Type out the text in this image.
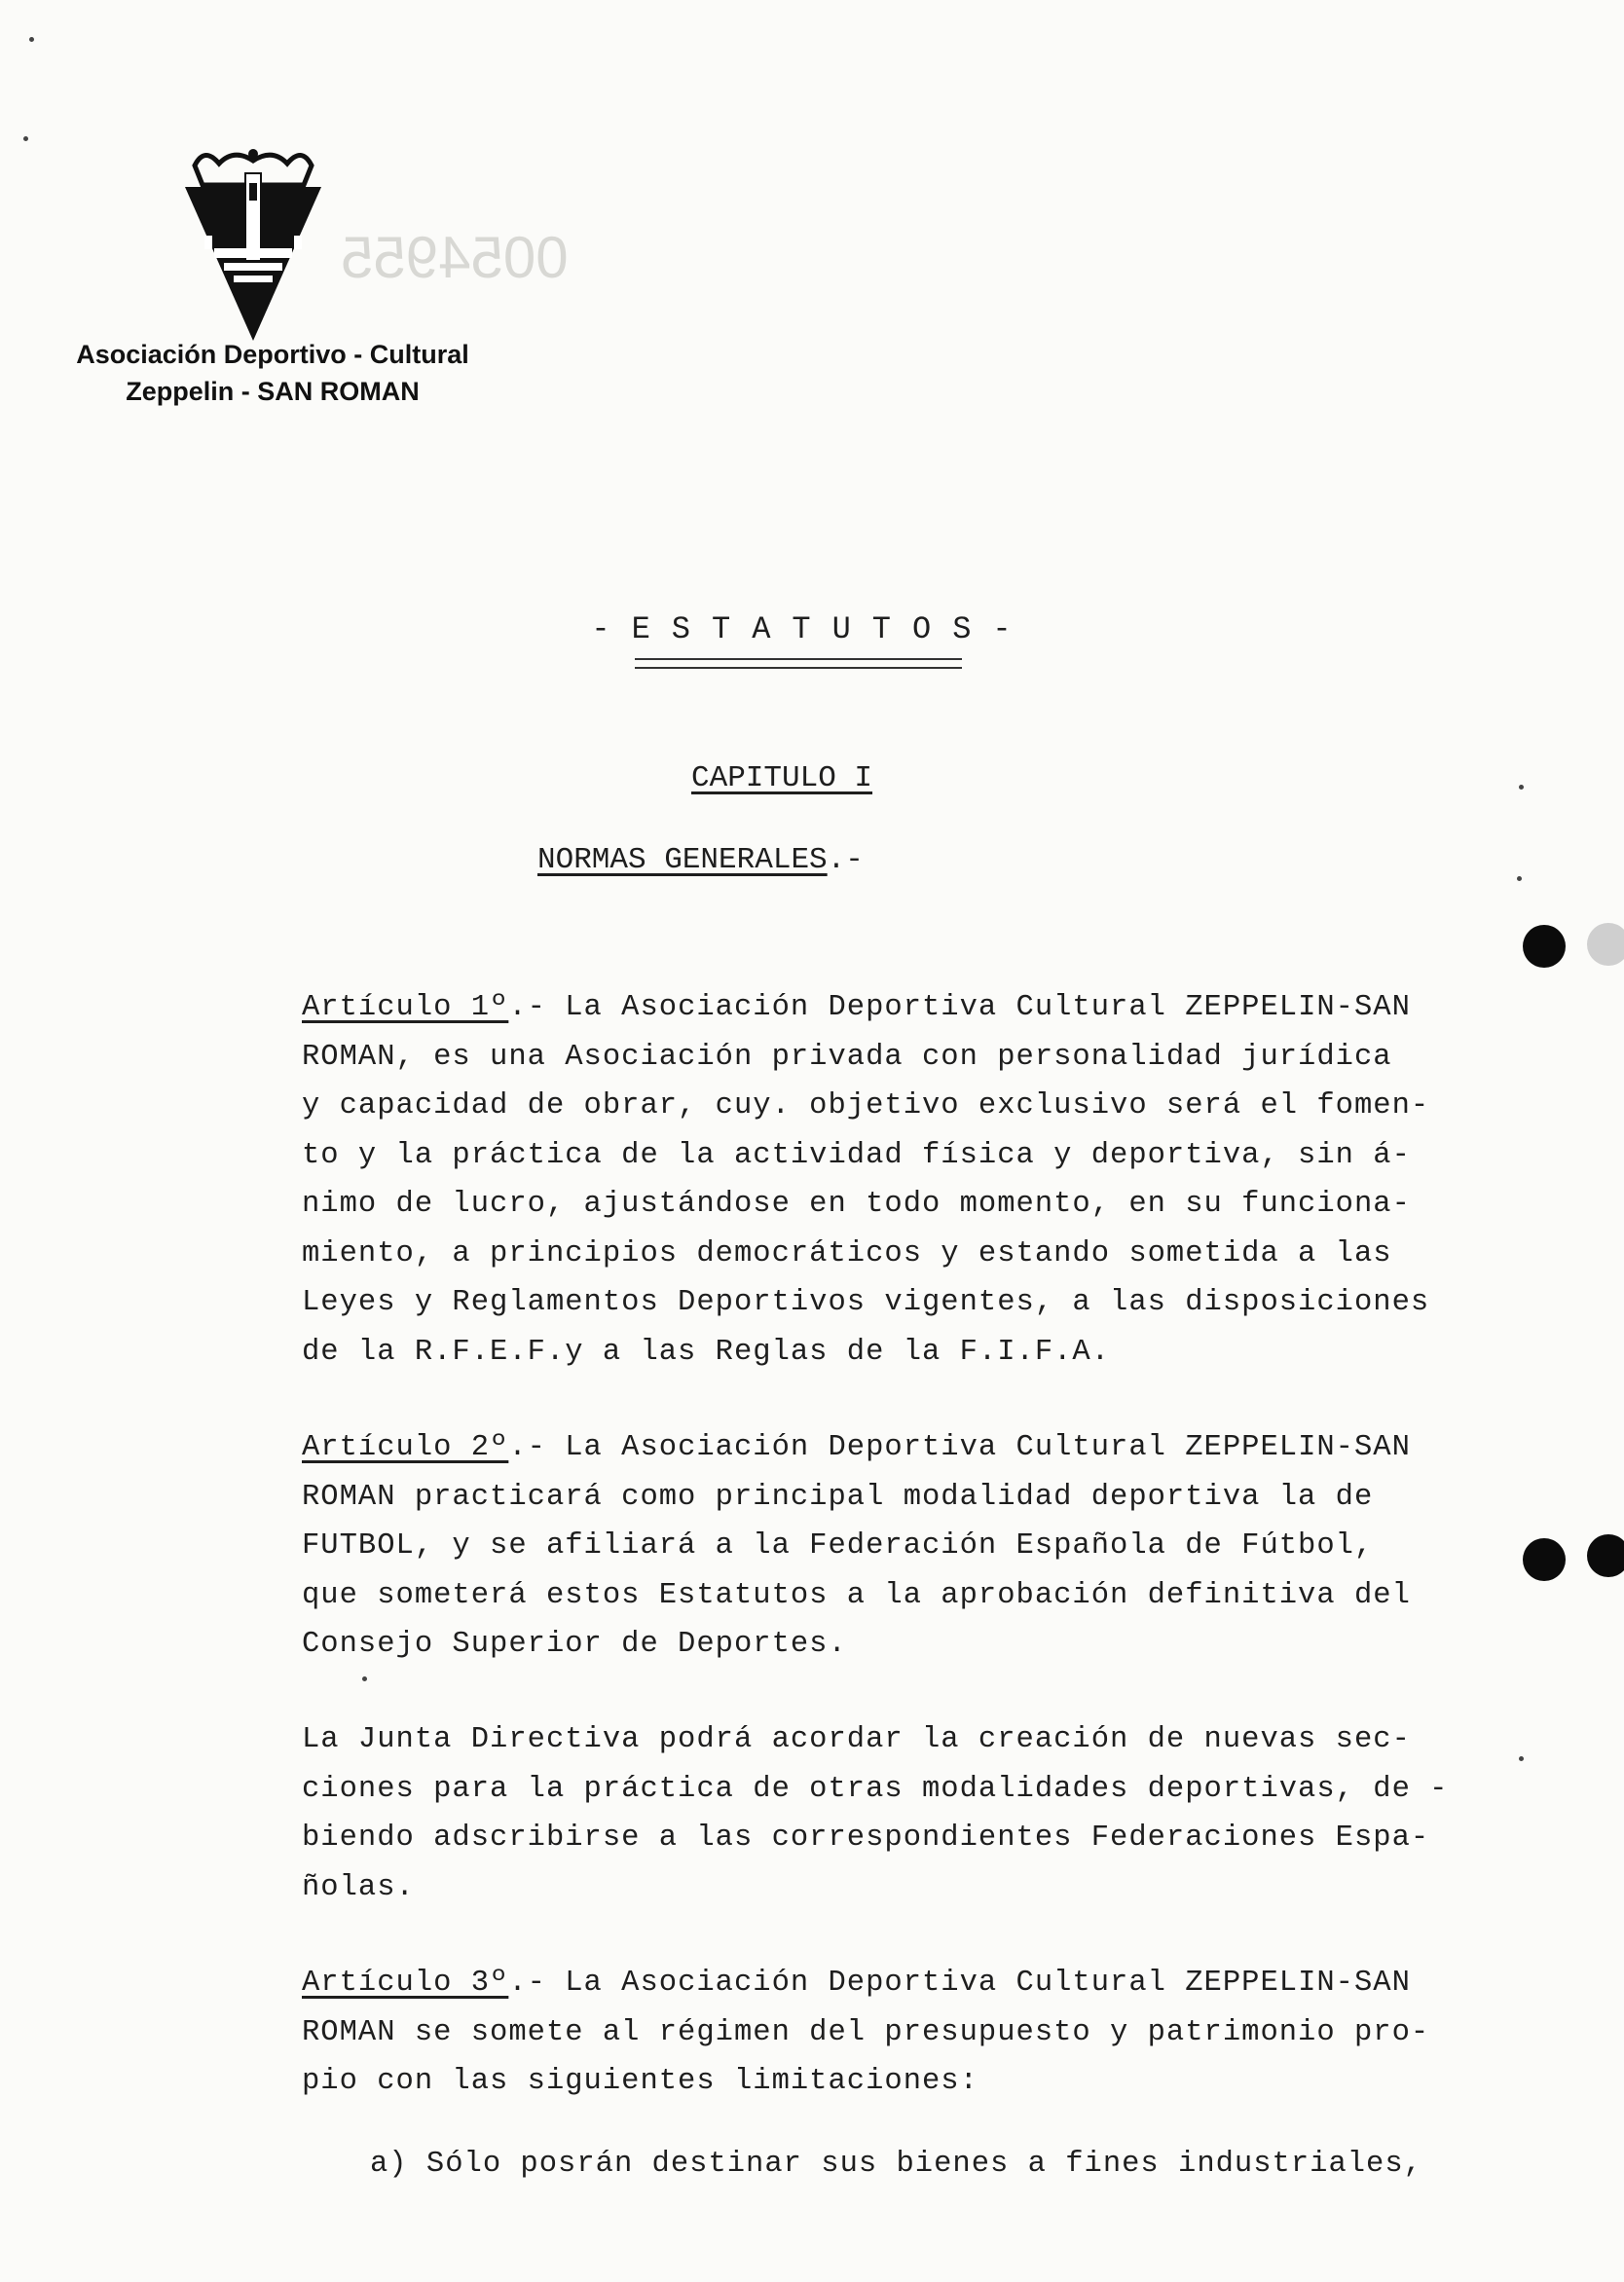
0054955
Asociación Deportivo - Cultural
Zeppelin - SAN ROMAN
-ESTATUTOS-
CAPITULO I
NORMAS GENERALES.-
Artículo 1º.- La Asociación Deportiva Cultural ZEPPELIN-SAN
ROMAN, es una Asociación privada con personalidad jurídica
y capacidad de obrar, cuy. objetivo exclusivo será el fomen-
to y la práctica de la actividad física y deportiva, sin á-
nimo de lucro, ajustándose en todo momento, en su funciona-
miento, a principios democráticos y estando sometida a las
Leyes y Reglamentos Deportivos vigentes, a las disposiciones
de la R.F.E.F.y a las Reglas de la F.I.F.A.
Artículo 2º.- La Asociación Deportiva Cultural ZEPPELIN-SAN
ROMAN practicará como principal modalidad deportiva la de
FUTBOL, y se afiliará a la Federación Española de Fútbol,
que someterá estos Estatutos a la aprobación definitiva del
Consejo Superior de Deportes.
La Junta Directiva podrá acordar la creación de nuevas sec-
ciones para la práctica de otras modalidades deportivas, de -
biendo adscribirse a las correspondientes Federaciones Espa-
ñolas.
Artículo 3º.- La Asociación Deportiva Cultural ZEPPELIN-SAN
ROMAN se somete al régimen del presupuesto y patrimonio pro-
pio con las siguientes limitaciones:
a) Sólo posrán destinar sus bienes a fines industriales,
